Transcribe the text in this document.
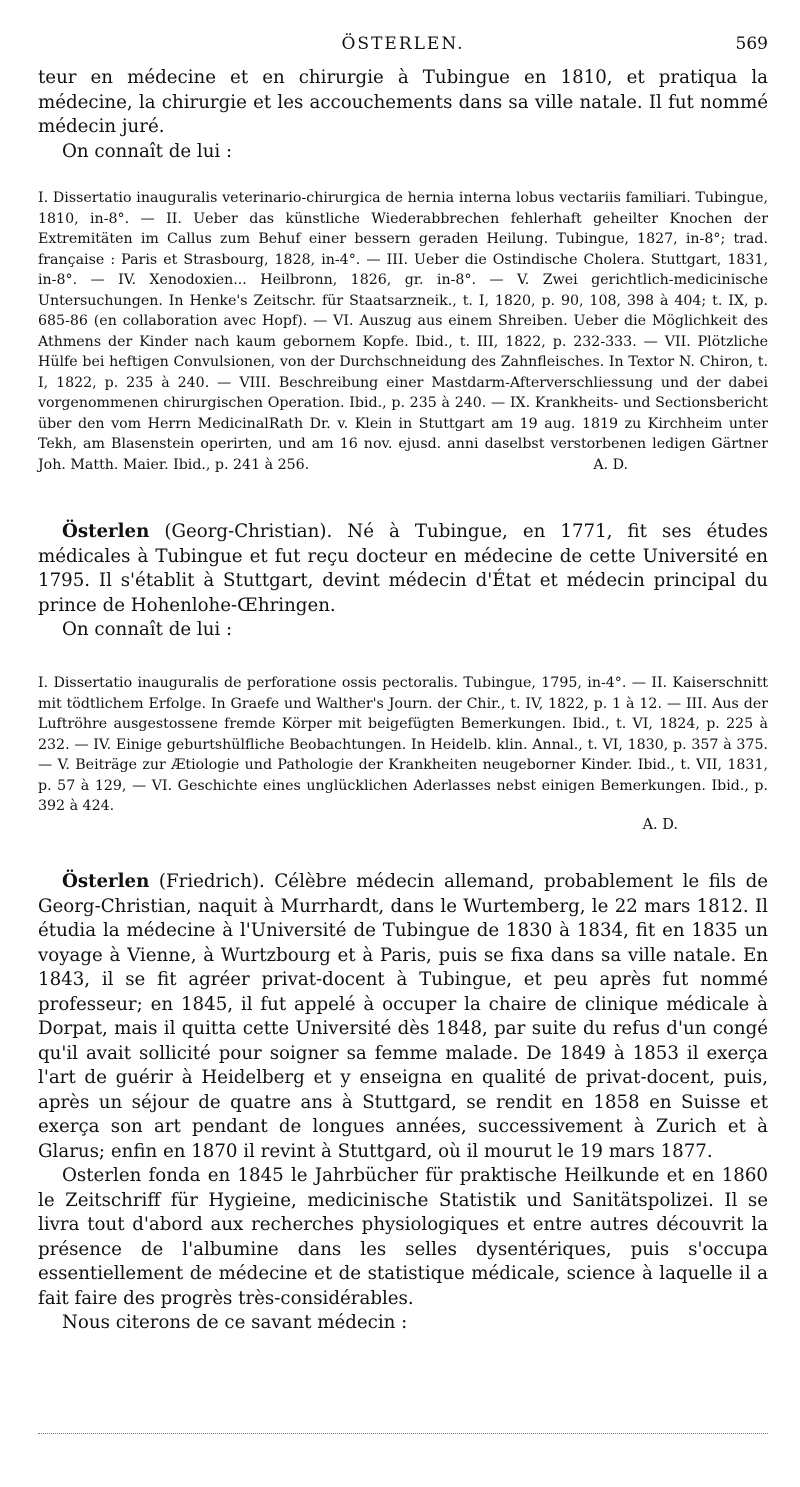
ÖSTERLEN.	569

teur en médecine et en chirurgie à Tubingue en 1810, et pratiqua la médecine, la chirurgie et les accouchements dans sa ville natale. Il fut nommé médecin juré.

On connaît de lui :

I. Dissertatio inauguralis veterinario-chirurgica de hernia interna lobus vectariis familiari. Tubingue, 1810, in-8°. — II. Ueber das künstliche Wiederabbrechen fehlerhaft geheilter Knochen der Extremitäten im Callus zum Behuf einer bessern geraden Heilung. Tubingue, 1827, in-8°; trad. française : Paris et Strasbourg, 1828, in-4°. — III. Ueber die Ostindische Cholera. Stuttgart, 1831, in-8°. — IV. Xenodoxien... Heilbronn, 1826, gr. in-8°. — V. Zwei gerichtlich-medicinische Untersuchungen. In Henke's Zeitschr. für Staatsarzneik., t. I, 1820, p. 90, 108, 398 à 404; t. IX, p. 685-86 (en collaboration avec Hopf). — VI. Auszug aus einem Shreiben. Ueber die Möglichkeit des Athmens der Kinder nach kaum gebornem Kopfe. Ibid., t. III, 1822, p. 232-333. — VII. Plötzliche Hülfe bei heftigen Convulsionen, von der Durchschneidung des Zahnfleisches. In Textor N. Chiron, t. I, 1822, p. 235 à 240. — VIII. Beschreibung einer Mastdarm-Afterverschliessung und der dabei vorgenommenen chirurgischen Operation. Ibid., p. 235 à 240. — IX. Krankheits- und Sectionsbericht über den vom Herrn MedicinalRath Dr. v. Klein in Stuttgart am 19 aug. 1819 zu Kirchheim unter Tekh, am Blasenstein operirten, und am 16 nov. ejusd. anni daselbst verstorbenen ledigen Gärtner Joh. Matth. Maier. Ibid., p. 241 à 256.	A. D.

Österlen (Georg-Christian). Né à Tubingue, en 1771, fit ses études médicales à Tubingue et fut reçu docteur en médecine de cette Université en 1795. Il s'établit à Stuttgart, devint médecin d'État et médecin principal du prince de Hohenlohe-Œhringen.

On connaît de lui :

I. Dissertatio inauguralis de perforatione ossis pectoralis. Tubingue, 1795, in-4°. — II. Kaiserschnitt mit tödtlichem Erfolge. In Graefe und Walther's Journ. der Chir., t. IV, 1822, p. 1 à 12. — III. Aus der Luftröhre ausgestossene fremde Körper mit beigefügten Bemerkungen. Ibid., t. VI, 1824, p. 225 à 232. — IV. Einige geburtshülfliche Beobachtungen. In Heidelb. klin. Annal., t. VI, 1830, p. 357 à 375. — V. Beiträge zur Ætiologie und Pathologie der Krankheiten neugeborner Kinder. Ibid., t. VII, 1831, p. 57 à 129, — VI. Geschichte eines unglücklichen Aderlasses nebst einigen Bemerkungen. Ibid., p. 392 à 424.

A. D.

Österlen (Friedrich). Célèbre médecin allemand, probablement le fils de Georg-Christian, naquit à Murrhardt, dans le Wurtemberg, le 22 mars 1812. Il étudia la médecine à l'Université de Tubingue de 1830 à 1834, fit en 1835 un voyage à Vienne, à Wurtzbourg et à Paris, puis se fixa dans sa ville natale. En 1843, il se fit agréer privat-docent à Tubingue, et peu après fut nommé professeur; en 1845, il fut appelé à occuper la chaire de clinique médicale à Dorpat, mais il quitta cette Université dès 1848, par suite du refus d'un congé qu'il avait sollicité pour soigner sa femme malade. De 1849 à 1853 il exerça l'art de guérir à Heidelberg et y enseigna en qualité de privat-docent, puis, après un séjour de quatre ans à Stuttgard, se rendit en 1858 en Suisse et exerça son art pendant de longues années, successivement à Zurich et à Glarus; enfin en 1870 il revint à Stuttgard, où il mourut le 19 mars 1877.

Osterlen fonda en 1845 le Jahrbücher für praktische Heilkunde et en 1860 le Zeitschriff für Hygieine, medicinische Statistik und Sanitätspolizei. Il se livra tout d'abord aux recherches physiologiques et entre autres découvrit la présence de l'albumine dans les selles dysentériques, puis s'occupa essentiellement de médecine et de statistique médicale, science à laquelle il a fait faire des progrès très-considérables.

Nous citerons de ce savant médecin :
